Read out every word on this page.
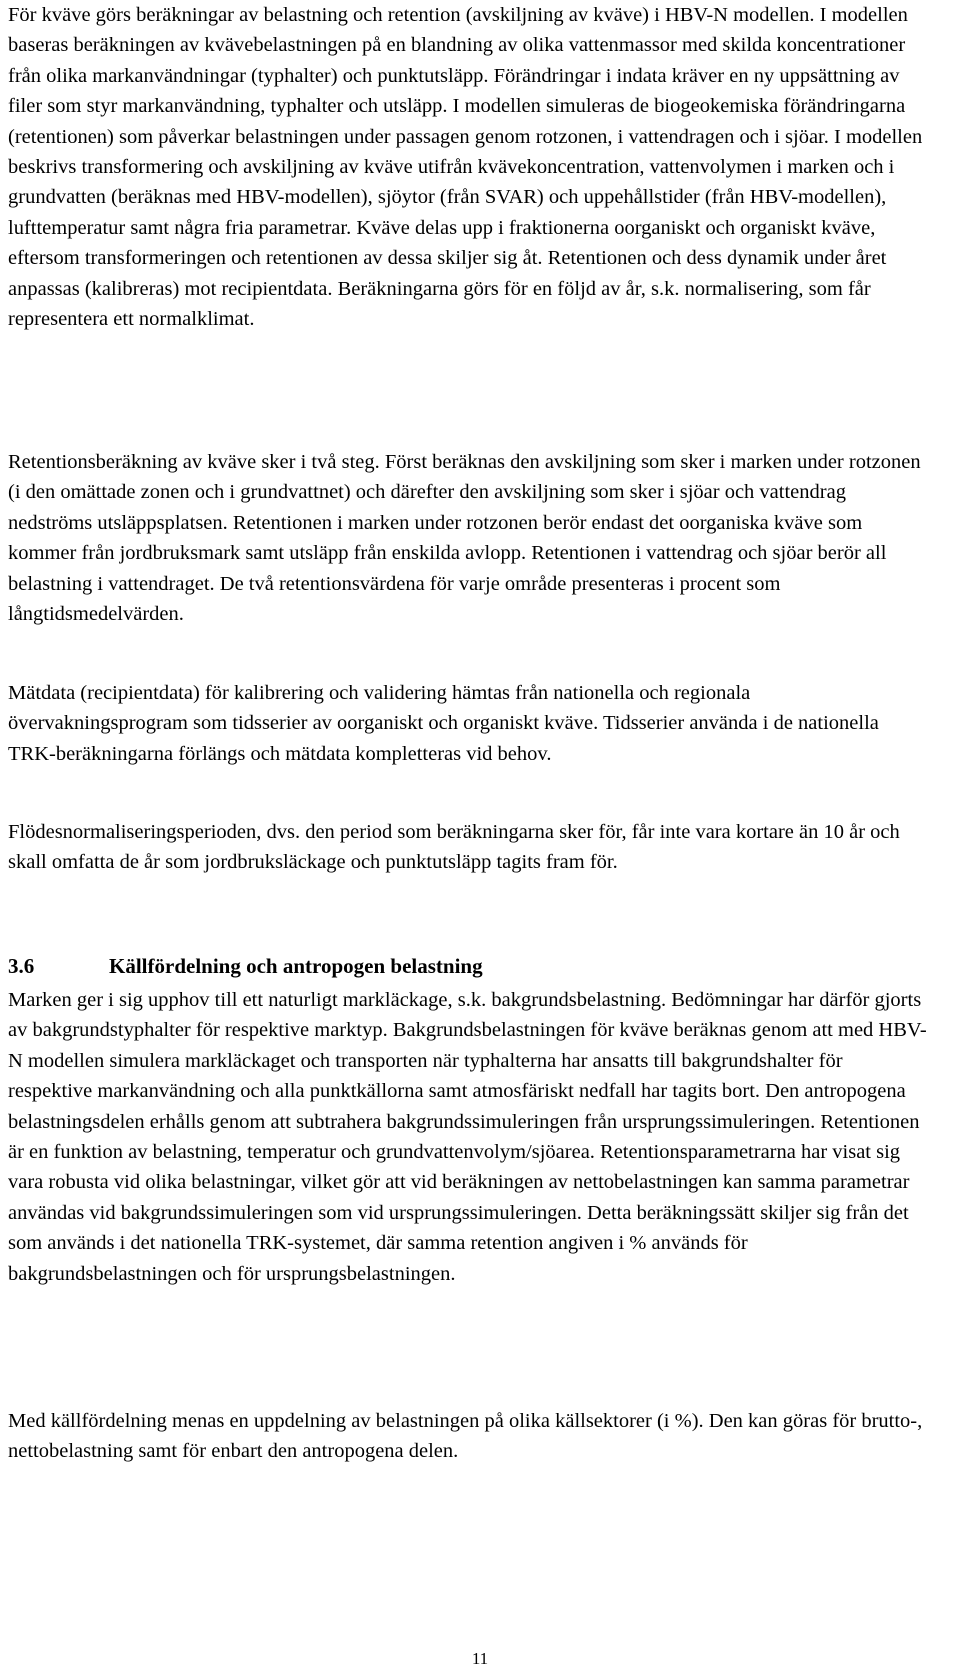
För kväve görs beräkningar av belastning och retention (avskiljning av kväve) i HBV-N modellen. I modellen baseras beräkningen av kvävebelastningen på en blandning av olika vattenmassor med skilda koncentrationer från olika markanvändningar (typhalter) och punktutsläpp. Förändringar i indata kräver en ny uppsättning av filer som styr markanvändning, typhalter och utsläpp. I modellen simuleras de biogeokemiska förändringarna (retentionen) som påverkar belastningen under passagen genom rotzonen, i vattendragen och i sjöar. I modellen beskrivs transformering och avskiljning av kväve utifrån kvävekoncentration, vattenvolymen i marken och i grundvatten (beräknas med HBV-modellen), sjöytor (från SVAR) och uppehållstider (från HBV-modellen), lufttemperatur samt några fria parametrar. Kväve delas upp i fraktionerna oorganiskt och organiskt kväve, eftersom transformeringen och retentionen av dessa skiljer sig åt. Retentionen och dess dynamik under året anpassas (kalibreras) mot recipientdata. Beräkningarna görs för en följd av år, s.k. normalisering, som får representera ett normalklimat.

Retentionsberäkning av kväve sker i två steg. Först beräknas den avskiljning som sker i marken under rotzonen (i den omättade zonen och i grundvattnet) och därefter den avskiljning som sker i sjöar och vattendrag nedströms utsläppsplatsen. Retentionen i marken under rotzonen berör endast det oorganiska kväve som kommer från jordbruksmark samt utsläpp från enskilda avlopp. Retentionen i vattendrag och sjöar berör all belastning i vattendraget. De två retentionsvärdena för varje område presenteras i procent som långtidsmedelvärden.

Mätdata (recipientdata) för kalibrering och validering hämtas från nationella och regionala övervakningsprogram som tidsserier av oorganiskt och organiskt kväve. Tidsserier använda i de nationella TRK-beräkningarna förlängs och mätdata kompletteras vid behov.

Flödesnormaliseringsperioden, dvs. den period som beräkningarna sker för, får inte vara kortare än 10 år och skall omfatta de år som jordbruksläckage och punktutsläpp tagits fram för.

3.6	Källfördelning och antropogen belastning

Marken ger i sig upphov till ett naturligt markläckage, s.k. bakgrundsbelastning. Bedömningar har därför gjorts av bakgrundstyphalter för respektive marktyp. Bakgrundsbelastningen för kväve beräknas genom att med HBV-N modellen simulera markläckaget och transporten när typhalterna har ansatts till bakgrundshalter för respektive markanvändning och alla punktkällorna samt atmosfäriskt nedfall har tagits bort. Den antropogena belastningsdelen erhålls genom att subtrahera bakgrundssimuleringen från ursprungssimuleringen. Retentionen är en funktion av belastning, temperatur och grundvattenvolym/sjöarea. Retentionsparametrarna har visat sig vara robusta vid olika belastningar, vilket gör att vid beräkningen av nettobelastningen kan samma parametrar användas vid bakgrundssimuleringen som vid ursprungssimuleringen. Detta beräkningssätt skiljer sig från det som används i det nationella TRK-systemet, där samma retention angiven i % används för bakgrundsbelastningen och för ursprungsbelastningen.

Med källfördelning menas en uppdelning av belastningen på olika källsektorer (i %). Den kan göras för brutto-, nettobelastning samt för enbart den antropogena delen.

11
